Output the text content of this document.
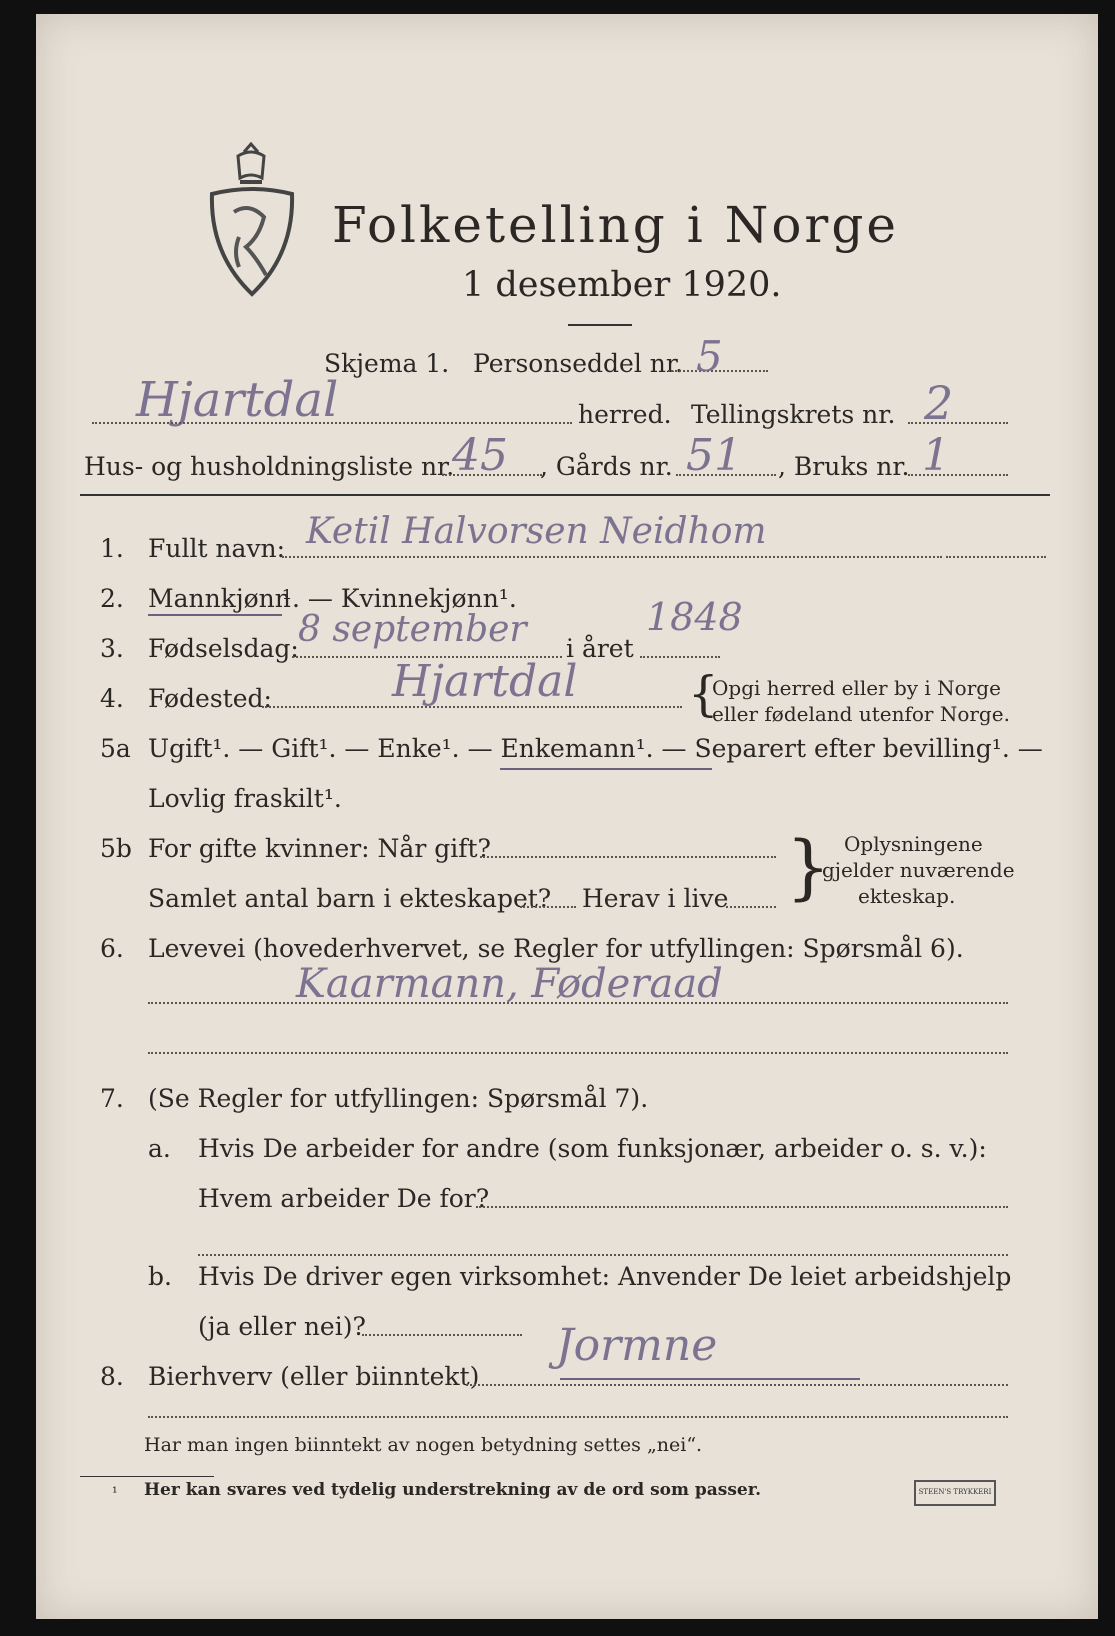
Folketelling i Norge
1 desember 1920.
Skjema 1. Personseddel nr. 5
Hjartdal	herred. Tellingskrets nr. 2
Hus- og husholdningsliste nr.
45 , Gårds nr. 51 , Bruks nr. 1
1. Fullt navn: Ketil Halvorsen Neidhom
2. Mannkjønn
¹. — Kvinnekjønn¹.
3. Fødselsdag: 8 september i året
1848
4. Fødested:	Hjartdal {
Opgi herred eller by i Norge
eller fødeland utenfor Norge.
5a Ugift¹. — Gift¹. — Enke¹. — Enkemann¹. — Separert efter bevilling¹. —
Lovlig fraskilt¹.
5b For gifte kvinner: Når gift?
Samlet antal barn i ekteskapet? Herav i live } Oplysningene
gjelder nuværende
ekteskap.
6. Levevei (hovederhvervet, se Regler for utfyllingen: Spørsmål 6).
Kaarmann, Føderaad
7. (Se Regler for utfyllingen: Spørsmål 7).
a. Hvis De arbeider for andre (som funksjonær, arbeider o. s. v.):
Hvem arbeider De for?
b. Hvis De driver egen virksomhet: Anvender De leiet arbeidshjelp
(ja eller nei)?
8. Bierhverv (eller biinntekt)
Jormne
Har man ingen biinntekt av nogen betydning settes „nei“.
¹ Her kan svares ved tydelig understrekning av de ord som passer.	STEEN'S TRYKKERI
